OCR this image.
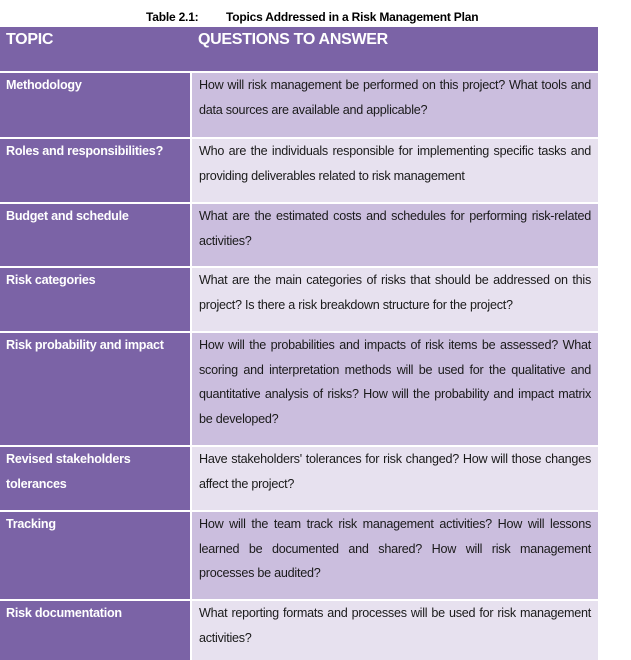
Table 2.1: Topics Addressed in a Risk Management Plan
TOPIC	QUESTIONS TO ANSWER
Methodology	How will risk management be performed on this project? What tools and data sources are available and applicable?
Roles and responsibilities?	Who are the individuals responsible for implementing specific tasks and providing deliverables related to risk management
Budget and schedule	What are the estimated costs and schedules for performing risk-related activities?
Risk categories	What are the main categories of risks that should be addressed on this project? Is there a risk breakdown structure for the project?
Risk probability and impact	How will the probabilities and impacts of risk items be assessed? What scoring and interpretation methods will be used for the qualitative and quantitative analysis of risks? How will the probability and impact matrix be developed?
Revised stakeholders tolerances	Have stakeholders' tolerances for risk changed? How will those changes affect the project?
Tracking	How will the team track risk management activities? How will lessons learned be documented and shared? How will risk management processes be audited?
Risk documentation	What reporting formats and processes will be used for risk management activities?
